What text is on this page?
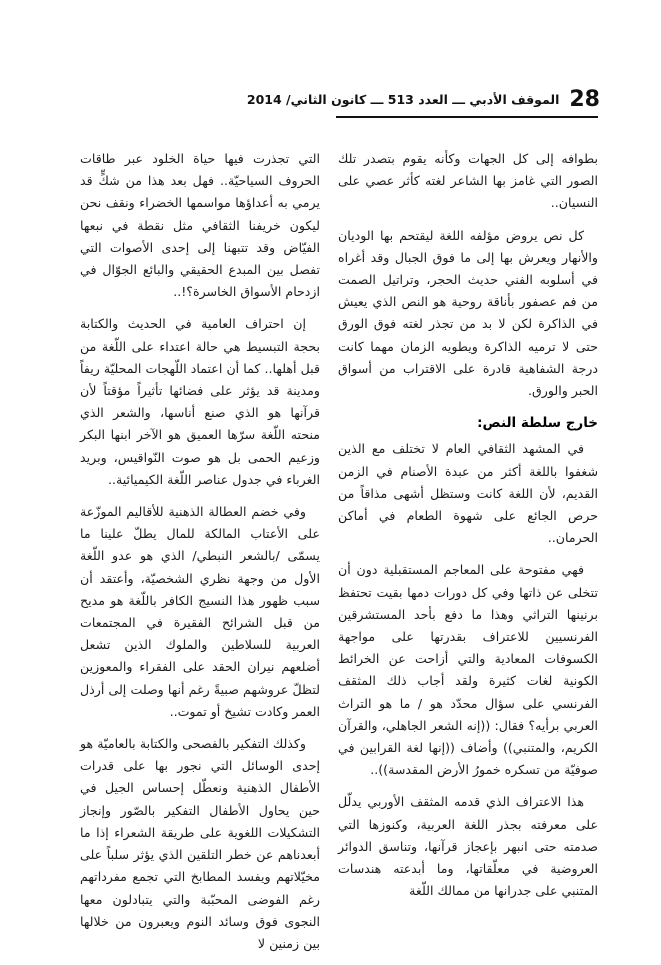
28
الموقف الأدبي ـــ العدد 513 ـــ كانون الثاني/ 2014

بطوافه إلى كل الجهات وكأنه يقوم بتصدر تلك الصور التي غامز بها الشاعر لغته كأثر عصي على النسيان..

كل نص يروض مؤلفه اللغة ليقتحم بها الوديان والأنهار ويعرش بها إلى ما فوق الجبال وقد أغراه في أسلوبه الفني حديث الحجر، وتراتيل الصمت من فم عصفور بأناقة روحية هو النص الذي يعيش في الذاكرة لكن لا بد من تجذر لغته فوق الورق حتى لا ترميه الذاكرة ويطويه الزمان مهما كانت درجة الشفاهية قادرة على الاقتراب من أسواق الحبر والورق.

خارج سلطة النص:

في المشهد الثقافي العام لا تختلف مع الذين شغفوا باللغة أكثر من عبدة الأصنام في الزمن القديم، لأن اللغة كانت وستظل أشهى مذاقاً من حرص الجائع على شهوة الطعام في أماكن الحرمان..

فهي مفتوحة على المعاجم المستقبلية دون أن تتخلى عن ذاتها وفي كل دورات دمها بقيت تحتفظ برنينها التراثي وهذا ما دفع بأحد المستشرقين الفرنسيين للاعتراف بقدرتها على مواجهة الكسوفات المعادية والتي أزاحت عن الخرائط الكونية لغات كثيرة ولقد أجاب ذلك المثقف الفرنسي على سؤال محدّد هو / ما هو التراث العربي برأيه؟ فقال: ((إنه الشعر الجاهلي، والقرآن الكريم، والمتنبي)) وأضاف ((إنها لغة القرابين في صوفيّة من تسكره خمورُ الأرض المقدسة))..

هذا الاعتراف الذي قدمه المثقف الأوربي يدلّل على معرفته بجذر اللغة العربية، وكنوزها التي صدمته حتى انبهر بإعجاز قرآنها، وتناسق الدوائر العروضية في معلّقاتها، وما أبدعته هندسات المتنبي على جدرانها من ممالك اللّغة

التي تجذرت فيها حياة الخلود عبر طاقات الحروف السياحيّة.. فهل بعد هذا من شكٍّ قد يرمي به أعداؤها مواسمها الخضراء ونقف نحن ليكون خريفنا الثقافي مثل نقطة في نبعها الفيّاض وقد تتبهنا إلى إحدى الأصوات التي تفصل بين المبدع الحقيقي والبائع الجوّال في ازدحام الأسواق الخاسرة؟!..

إن احتراف العامية في الحديث والكتابة بحجة التبسيط هي حالة اعتداء على اللّغة من قبل أهلها.. كما أن اعتماد اللّهجات المحليّة ريفاً ومدينة قد يؤثر على فضائها تأثيراً مؤقتاً لأن قرآنها هو الذي صنع أناسها، والشعر الذي منحته اللّغة سرّها العميق هو الآخر ابنها البكر وزعيم الحمى بل هو صوت النّواقيس، وبريد الغرباء في جدول عناصر اللّغة الكيميائية..

وفي خضم العطالة الذهنية للأقاليم الموزّعة على الأعتاب المالكة للمال يطلّ علينا ما يسمّى /بالشعر النبطي/ الذي هو عدو اللّغة الأول من وجهة نظري الشخصيّة، وأعتقد أن سبب ظهور هذا النسيج الكافر باللّغة هو مديح من قبل الشرائح الفقيرة في المجتمعات العربية للسلاطين والملوك الذين تشعل أضلعهم نيران الحقد على الفقراء والمعوزين لتظلّ عروشهم صبيةً رغم أنها وصلت إلى أرذل العمر وكادت تشيخ أو تموت..

وكذلك التفكير بالفصحى والكتابة بالعاميّة هو إحدى الوسائل التي نجور بها على قدرات الأطفال الذهنية ونعطّل إحساس الجيل في حين يحاول الأطفال التفكير بالصّور وإنجاز التشكيلات اللغوية على طريقة الشعراء إذا ما أبعدناهم عن خطر التلقين الذي يؤثر سلباً على مخيّلاتهم ويفسد المطابخ التي تجمع مفرداتهم رغم الفوضى المحبّبة والتي يتبادلون معها النجوى فوق وسائد النوم ويعبرون من خلالها بين زمنين لا
